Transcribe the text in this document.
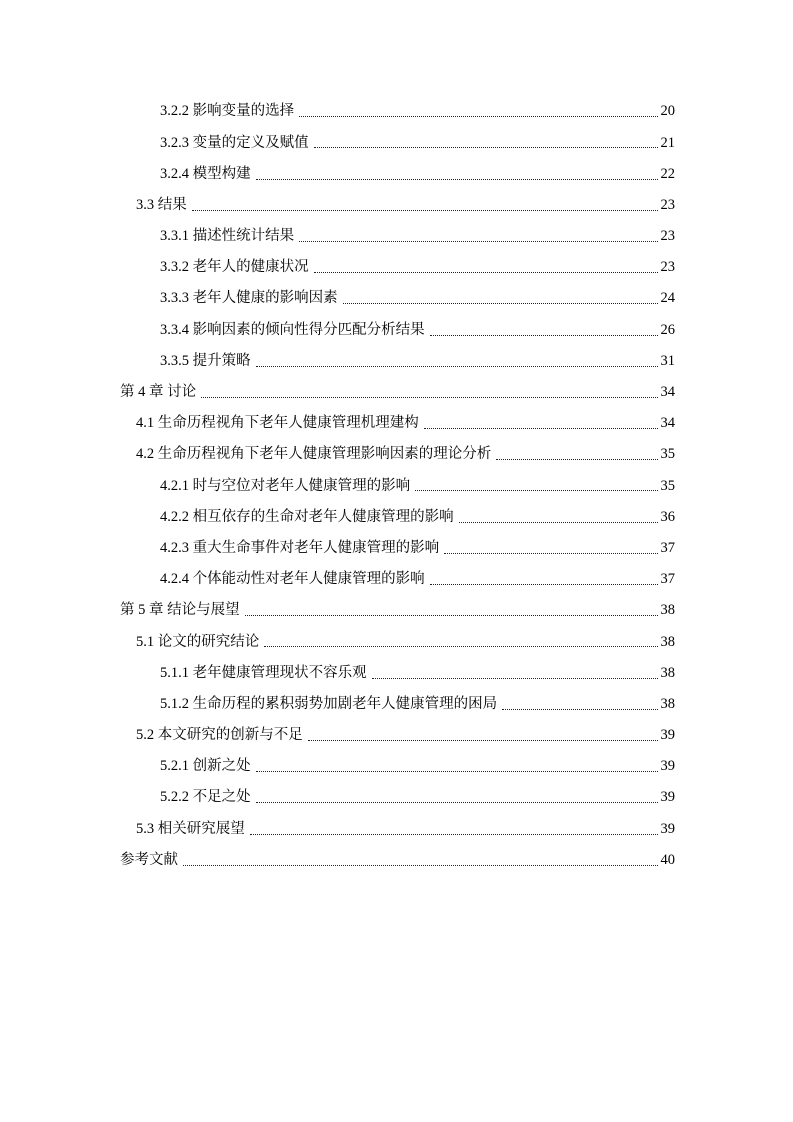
3.2.2 影响变量的选择	20
3.2.3 变量的定义及赋值	21
3.2.4 模型构建	22
3.3 结果	23
3.3.1 描述性统计结果	23
3.3.2 老年人的健康状况	23
3.3.3 老年人健康的影响因素	24
3.3.4 影响因素的倾向性得分匹配分析结果	26
3.3.5 提升策略	31
第 4 章 讨论	34
4.1 生命历程视角下老年人健康管理机理建构	34
4.2 生命历程视角下老年人健康管理影响因素的理论分析	35
4.2.1 时与空位对老年人健康管理的影响	35
4.2.2 相互依存的生命对老年人健康管理的影响	36
4.2.3 重大生命事件对老年人健康管理的影响	37
4.2.4 个体能动性对老年人健康管理的影响	37
第 5 章 结论与展望	38
5.1 论文的研究结论	38
5.1.1 老年健康管理现状不容乐观	38
5.1.2 生命历程的累积弱势加剧老年人健康管理的困局	38
5.2 本文研究的创新与不足	39
5.2.1 创新之处	39
5.2.2 不足之处	39
5.3 相关研究展望	39
参考文献	40
